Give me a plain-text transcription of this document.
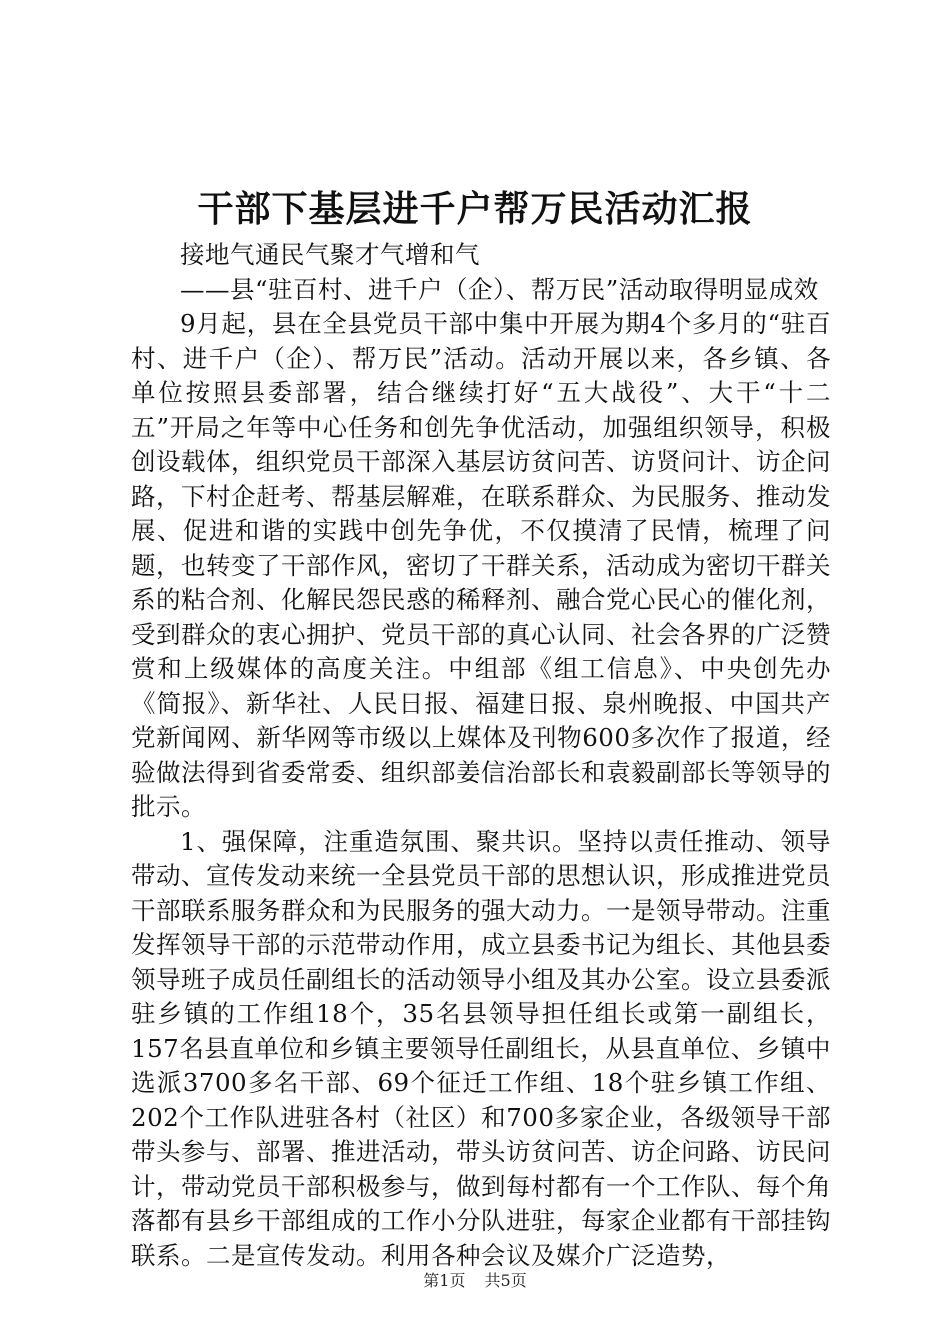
干部下基层进千户帮万民活动汇报

接地气通民气聚才气增和气

——县“驻百村、进千户（企）、帮万民”活动取得明显成效

9月起，县在全县党员干部中集中开展为期4个多月的“驻百村、进千户（企）、帮万民”活动。活动开展以来，各乡镇、各单位按照县委部署，结合继续打好“五大战役”、大干“十二五”开局之年等中心任务和创先争优活动，加强组织领导，积极创设载体，组织党员干部深入基层访贫问苦、访贤问计、访企问路，下村企赶考、帮基层解难，在联系群众、为民服务、推动发展、促进和谐的实践中创先争优，不仅摸清了民情，梳理了问题，也转变了干部作风，密切了干群关系，活动成为密切干群关系的粘合剂、化解民怨民惑的稀释剂、融合党心民心的催化剂，受到群众的衷心拥护、党员干部的真心认同、社会各界的广泛赞赏和上级媒体的高度关注。中组部《组工信息》、中央创先办《简报》、新华社、人民日报、福建日报、泉州晚报、中国共产党新闻网、新华网等市级以上媒体及刊物600多次作了报道，经验做法得到省委常委、组织部姜信治部长和袁毅副部长等领导的批示。

1、强保障，注重造氛围、聚共识。坚持以责任推动、领导带动、宣传发动来统一全县党员干部的思想认识，形成推进党员干部联系服务群众和为民服务的强大动力。一是领导带动。注重发挥领导干部的示范带动作用，成立县委书记为组长、其他县委领导班子成员任副组长的活动领导小组及其办公室。设立县委派驻乡镇的工作组18个，35名县领导担任组长或第一副组长，157名县直单位和乡镇主要领导任副组长，从县直单位、乡镇中选派3700多名干部、69个征迁工作组、18个驻乡镇工作组、202个工作队进驻各村（社区）和700多家企业，各级领导干部带头参与、部署、推进活动，带头访贫问苦、访企问路、访民问计，带动党员干部积极参与，做到每村都有一个工作队、每个角落都有县乡干部组成的工作小分队进驻，每家企业都有干部挂钩联系。二是宣传发动。利用各种会议及媒介广泛造势，

第1页 共5页
